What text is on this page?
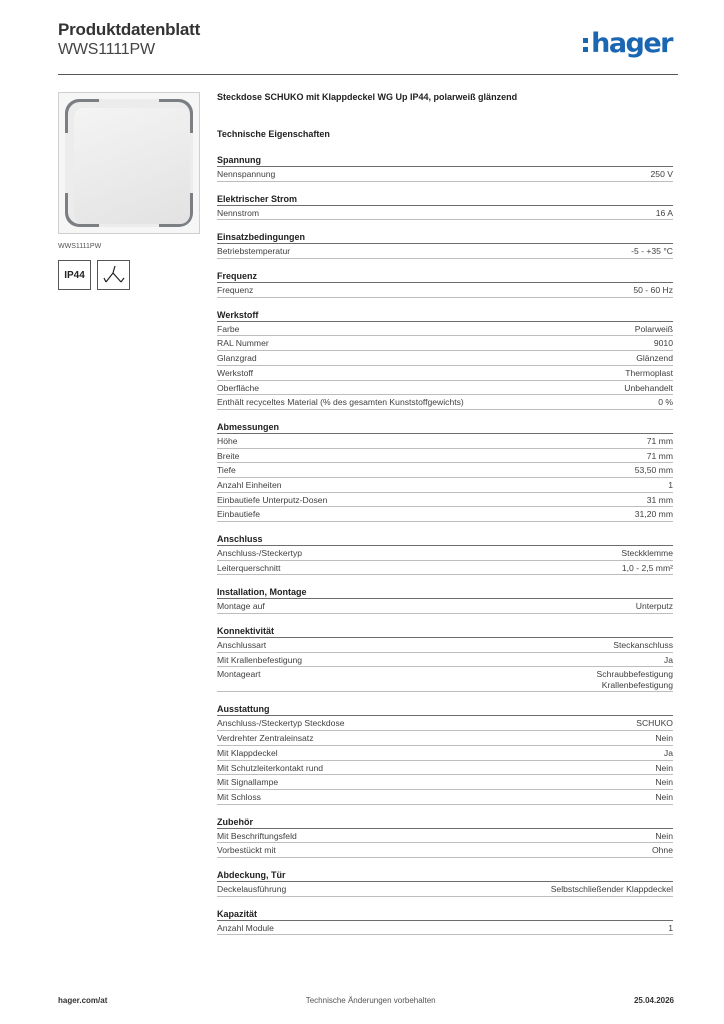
Produktdatenblatt
WWS1111PW	hager
WWS1111PW
IP44
Steckdose SCHUKO mit Klappdeckel WG Up IP44, polarweiß glänzend
Technische Eigenschaften
Spannung
Nennspannung	250 V
Elektrischer Strom
Nennstrom	16 A
Einsatzbedingungen
Betriebstemperatur	-5 - +35 °C
Frequenz
Frequenz	50 - 60 Hz
Werkstoff
Farbe	Polarweiß
RAL Nummer	9010
Glanzgrad	Glänzend
Werkstoff	Thermoplast
Oberfläche	Unbehandelt
Enthält recyceltes Material (% des gesamten Kunststoffgewichts)	0 %
Abmessungen
Höhe	71 mm
Breite	71 mm
Tiefe	53,50 mm
Anzahl Einheiten	1
Einbautiefe Unterputz-Dosen	31 mm
Einbautiefe	31,20 mm
Anschluss
Anschluss-/Steckertyp	Steckklemme
Leiterquerschnitt	1,0 - 2,5 mm²
Installation, Montage
Montage auf	Unterputz
Konnektivität
Anschlussart	Steckanschluss
Mit Krallenbefestigung	Ja
Montageart	Schraubbefestigung
Krallenbefestigung
Ausstattung
Anschluss-/Steckertyp Steckdose	SCHUKO
Verdrehter Zentraleinsatz	Nein
Mit Klappdeckel	Ja
Mit Schutzleiterkontakt rund	Nein
Mit Signallampe	Nein
Mit Schloss	Nein
Zubehör
Mit Beschriftungsfeld	Nein
Vorbestückt mit	Ohne
Abdeckung, Tür
Deckelausführung	Selbstschließender Klappdeckel
Kapazität
Anzahl Module	1
hager.com/at	Technische Änderungen vorbehalten	25.04.2026
